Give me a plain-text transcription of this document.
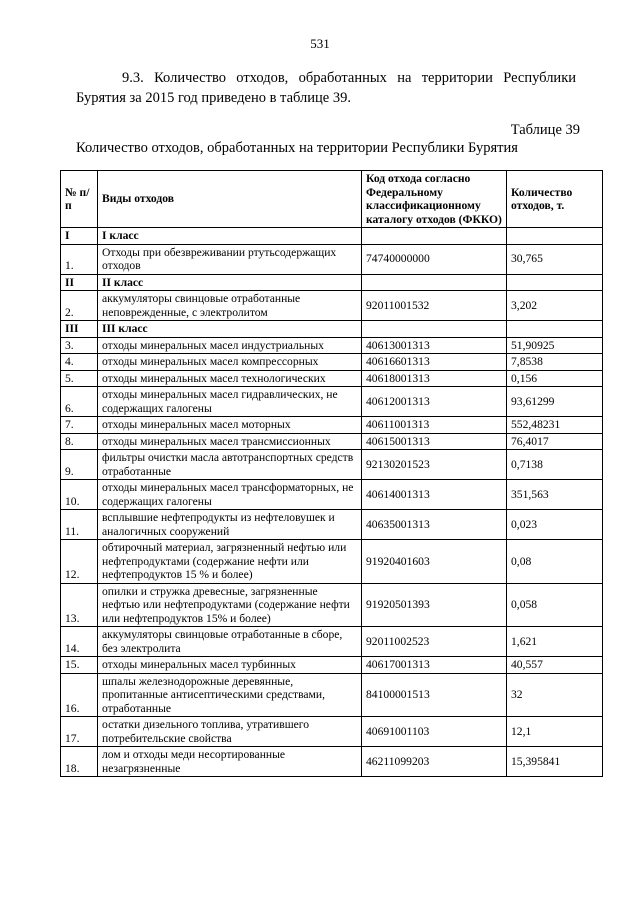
531
9.3. Количество отходов, обработанных на территории Республики Бурятия за 2015 год приведено в таблице 39.
Таблице 39
Количество отходов, обработанных на территории Республики Бурятия
№ п/п	Виды отходов	Код отхода согласно Федеральному классификационному каталогу отходов (ФККО)	Количество отходов, т.
I	I класс		
1.	Отходы при обезвреживании ртутьсодержащих отходов	74740000000	30,765
II	II класс		
2.	аккумуляторы свинцовые отработанные неповрежденные, с электролитом	92011001532	3,202
III	III класс		
3.	отходы минеральных масел индустриальных	40613001313	51,90925
4.	отходы минеральных масел компрессорных	40616601313	7,8538
5.	отходы минеральных масел технологических	40618001313	0,156
6.	отходы минеральных масел гидравлических, не содержащих галогены	40612001313	93,61299
7.	отходы минеральных масел моторных	40611001313	552,48231
8.	отходы минеральных масел трансмиссионных	40615001313	76,4017
9.	фильтры очистки масла автотранспортных средств отработанные	92130201523	0,7138
10.	отходы минеральных масел трансформаторных, не содержащих галогены	40614001313	351,563
11.	всплывшие нефтепродукты из нефтеловушек и аналогичных сооружений	40635001313	0,023
12.	обтирочный материал, загрязненный нефтью или нефтепродуктами (содержание нефти или нефтепродуктов 15 % и более)	91920401603	0,08
13.	опилки и стружка древесные, загрязненные нефтью или нефтепродуктами (содержание нефти или нефтепродуктов 15% и более)	91920501393	0,058
14.	аккумуляторы свинцовые отработанные в сборе, без электролита	92011002523	1,621
15.	отходы минеральных масел турбинных	40617001313	40,557
16.	шпалы железнодорожные деревянные, пропитанные антисептическими средствами, отработанные	84100001513	32
17.	остатки дизельного топлива, утратившего потребительские свойства	40691001103	12,1
18.	лом и отходы меди несортированные незагрязненные	46211099203	15,395841
